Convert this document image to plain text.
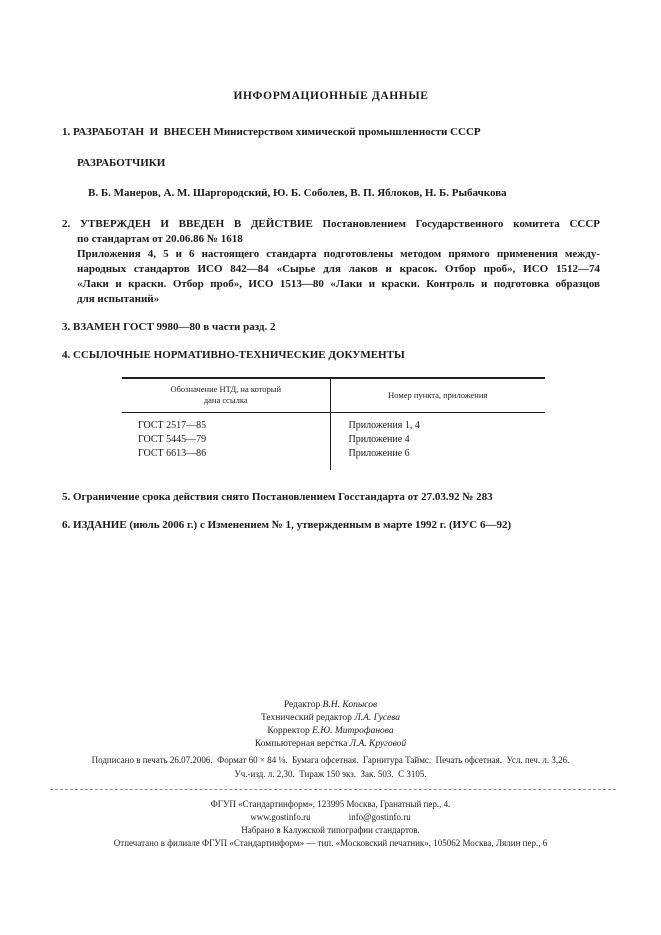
ИНФОРМАЦИОННЫЕ ДАННЫЕ
1. РАЗРАБОТАН  И  ВНЕСЕН Министерством химической промышленности СССР
РАЗРАБОТЧИКИ
В. Б. Манеров, А. М. Шаргородский, Ю. Б. Соболев, В. П. Яблоков, Н. Б. Рыбачкова
2. УТВЕРЖДЕН И ВВЕДЕН В ДЕЙСТВИЕ Постановлением Государственного комитета СССР
по стандартам от 20.06.86 № 1618
Приложения 4, 5 и 6 настоящего стандарта подготовлены методом прямого применения между-
народных стандартов ИСО 842—84 «Сырье для лаков и красок. Отбор проб», ИСО 1512—74
«Лаки и краски. Отбор проб», ИСО 1513—80 «Лаки и краски. Контроль и подготовка образцов
для испытаний»
3. ВЗАМЕН ГОСТ 9980—80 в части разд. 2
4. ССЫЛОЧНЫЕ НОРМАТИВНО-ТЕХНИЧЕСКИЕ ДОКУМЕНТЫ
Обозначение НТД, на который
дана ссылка	Номер пункта, приложения
ГОСТ 2517—85	Приложения 1, 4
ГОСТ 5445—79	Приложение 4
ГОСТ 6613—86	Приложение 6
5. Ограничение срока действия снято Постановлением Госстандарта от 27.03.92 № 283
6. ИЗДАНИЕ (июль 2006 г.) с Изменением № 1, утвержденным в марте 1992 г. (ИУС 6—92)
Редактор В.Н. Копысов
Технический редактор Л.А. Гусева
Корректор Е.Ю. Митрофанова
Компьютерная верстка Л.А. Круговой
Подписано в печать 26.07.2006.  Формат 60 × 84 ⅛.  Бумага офсетная.  Гарнитура Таймс.  Печать офсетная.  Усл. печ. л. 3,26.
Уч.-изд. л. 2,30.  Тираж 150 экз.  Зак. 503.  С 3105.
ФГУП «Стандартинформ», 123995 Москва, Гранатный пер., 4.
www.gostinfo.ru	info@gostinfo.ru
Набрано в Калужской типографии стандартов.
Отпечатано в филиале ФГУП «Стандартинформ» — тип. «Московский печатник», 105062 Москва, Лялин пер., 6
